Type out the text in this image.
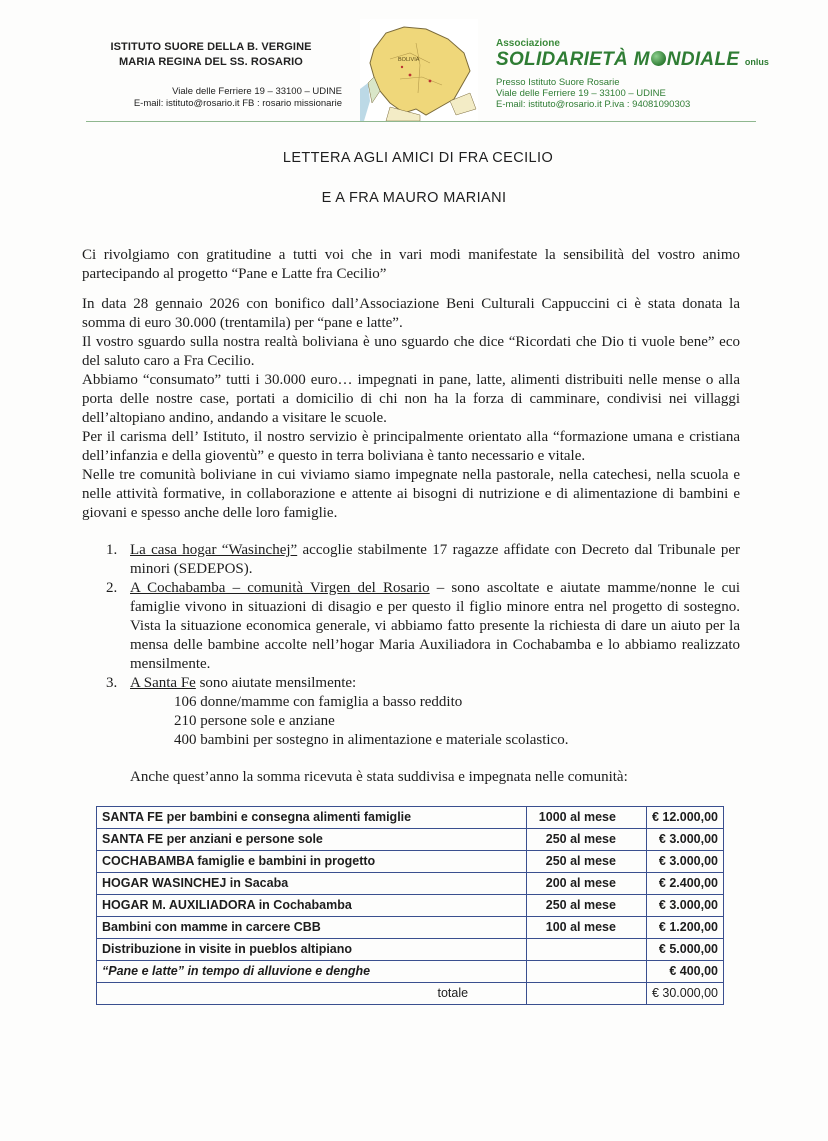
ISTITUTO SUORE DELLA B. VERGINE
MARIA REGINA DEL SS. ROSARIO
Viale delle Ferriere 19 – 33100 – UDINE
E-mail: istituto@rosario.it FB : rosario missionarie
BOLIVIA
Associazione
SOLIDARIETÀ M NDIALE onlus
Presso Istituto Suore Rosarie
Viale delle Ferriere 19 – 33100 – UDINE
E-mail: istituto@rosario.it P.iva : 94081090303
LETTERA AGLI AMICI DI FRA CECILIO
E A FRA MAURO MARIANI

Ci rivolgiamo con gratitudine a tutti voi che in vari modi manifestate la sensibilità del vostro animo partecipando al progetto “Pane e Latte fra Cecilio”

In data 28 gennaio 2026 con bonifico dall’Associazione Beni Culturali Cappuccini ci è stata donata la somma di euro 30.000 (trentamila) per “pane e latte”.

Il vostro sguardo sulla nostra realtà boliviana è uno sguardo che dice “Ricordati che Dio ti vuole bene” eco del saluto caro a Fra Cecilio.

Abbiamo “consumato” tutti i 30.000 euro… impegnati in pane, latte, alimenti distribuiti nelle mense o alla porta delle nostre case, portati a domicilio di chi non ha la forza di camminare, condivisi nei villaggi dell’altopiano andino, andando a visitare le scuole.

Per il carisma dell’ Istituto, il nostro servizio è principalmente orientato alla “formazione umana e cristiana dell’infanzia e della gioventù” e questo in terra boliviana è tanto necessario e vitale.

Nelle tre comunità boliviane in cui viviamo siamo impegnate nella pastorale, nella catechesi, nella scuola e nelle attività formative, in collaborazione e attente ai bisogni di nutrizione e di alimentazione di bambini e giovani e spesso anche delle loro famiglie.

1. La casa hogar “Wasinchej” accoglie stabilmente 17 ragazze affidate con Decreto dal Tribunale per minori (SEDEPOS).
2. A Cochabamba – comunità Virgen del Rosario – sono ascoltate e aiutate mamme/nonne le cui famiglie vivono in situazioni di disagio e per questo il figlio minore entra nel progetto di sostegno. Vista la situazione economica generale, vi abbiamo fatto presente la richiesta di dare un aiuto per la mensa delle bambine accolte nell’hogar Maria Auxiliadora in Cochabamba e lo abbiamo realizzato mensilmente.
3. A Santa Fe sono aiutate mensilmente:
106 donne/mamme con famiglia a basso reddito
210 persone sole e anziane
400 bambini per sostegno in alimentazione e materiale scolastico.
Anche quest’anno la somma ricevuta è stata suddivisa e impegnata nelle comunità:
SANTA FE per bambini e consegna alimenti famiglie	1000 al mese	€ 12.000,00
SANTA FE per anziani e persone sole	250 al mese	€ 3.000,00
COCHABAMBA famiglie e bambini in progetto	250 al mese	€ 3.000,00
HOGAR WASINCHEJ in Sacaba	200 al mese	€ 2.400,00
HOGAR M. AUXILIADORA in Cochabamba	250 al mese	€ 3.000,00
Bambini con mamme in carcere CBB	100 al mese	€ 1.200,00
Distribuzione in visite in pueblos altipiano		€ 5.000,00
“Pane e latte” in tempo di alluvione e denghe		€ 400,00
totale		€ 30.000,00
